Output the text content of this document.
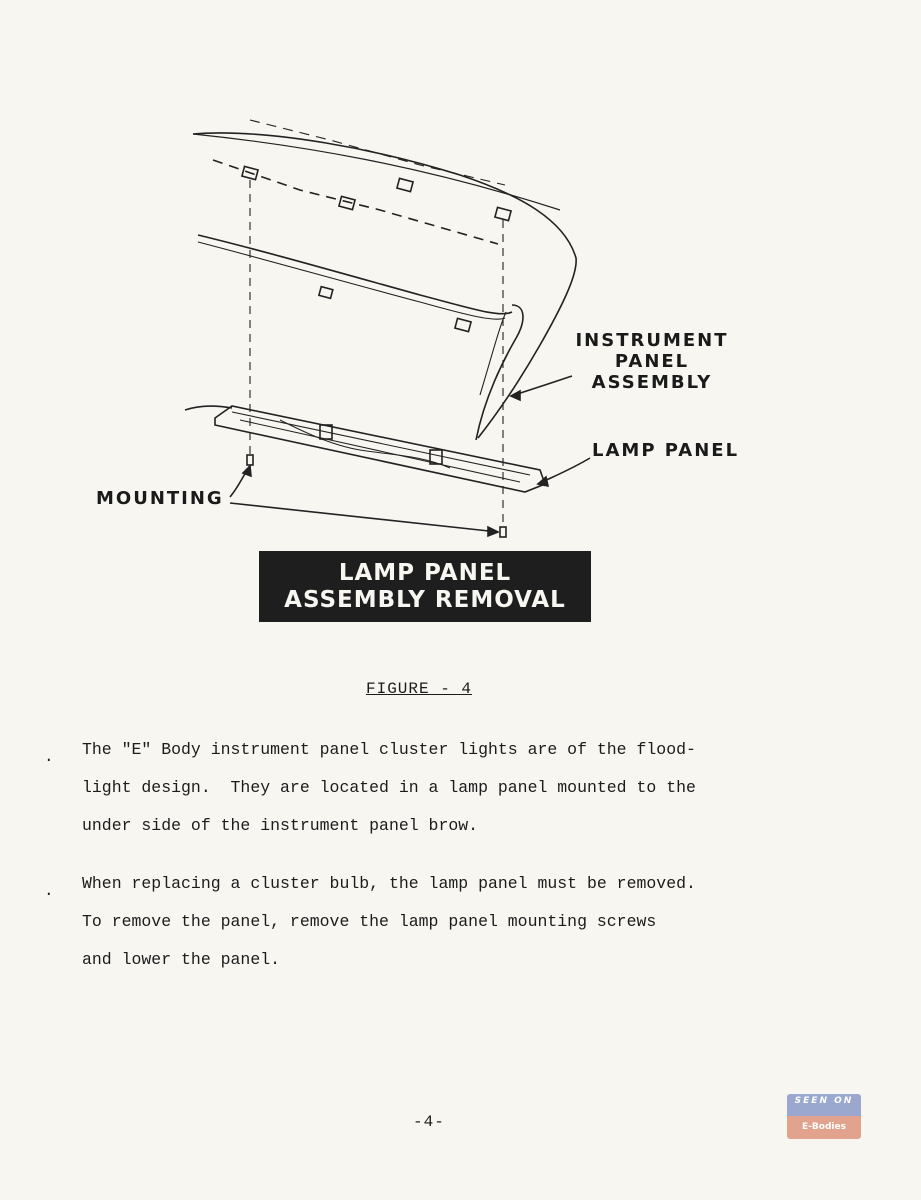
INSTRUMENT
PANEL
ASSEMBLY
LAMP PANEL
MOUNTING
LAMP PANEL
ASSEMBLY REMOVAL
FIGURE - 4
. The "E" Body instrument panel cluster lights are of the flood-
light design.  They are located in a lamp panel mounted to the
under side of the instrument panel brow.
. When replacing a cluster bulb, the lamp panel must be removed.
To remove the panel, remove the lamp panel mounting screws
and lower the panel.
-4-
SEEN ON
E-Bodies
